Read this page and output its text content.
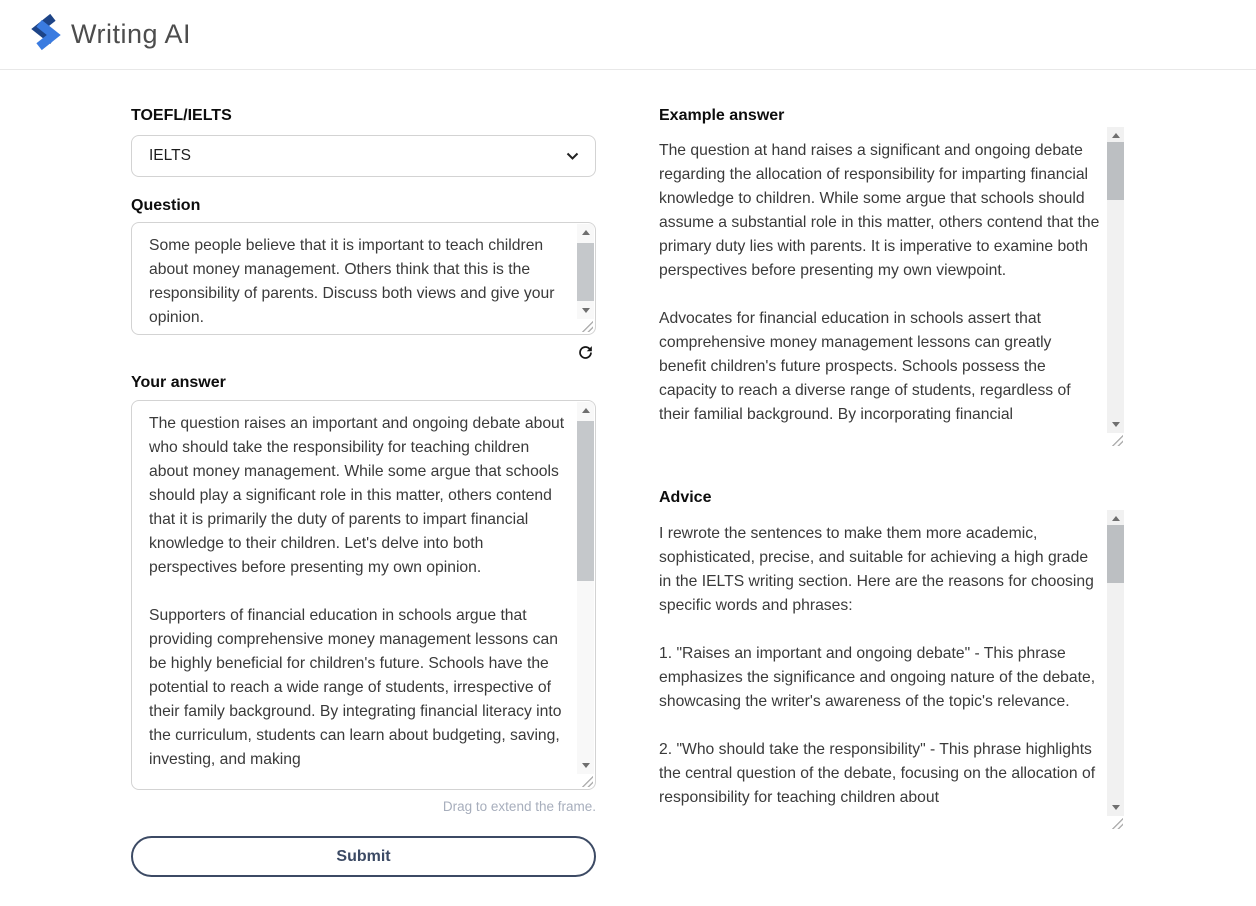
Writing AI
TOEFL/IELTS
IELTS
Question

Some people believe that it is important to teach children about money management. Others think that this is the responsibility of parents. Discuss both views and give your opinion.

Your answer

The question raises an important and ongoing debate about who should take the responsibility for teaching children about money management. While some argue that schools should play a significant role in this matter, others contend that it is primarily the duty of parents to impart financial knowledge to their children. Let's delve into both perspectives before presenting my own opinion.

Supporters of financial education in schools argue that providing comprehensive money management lessons can be highly beneficial for children's future. Schools have the potential to reach a wide range of students, irrespective of their family background. By integrating financial literacy into the curriculum, students can learn about budgeting, saving, investing, and making

Drag to extend the frame.
Submit
Example answer

The question at hand raises a significant and ongoing debate regarding the allocation of responsibility for imparting financial knowledge to children. While some argue that schools should assume a substantial role in this matter, others contend that the primary duty lies with parents. It is imperative to examine both perspectives before presenting my own viewpoint.

Advocates for financial education in schools assert that comprehensive money management lessons can greatly benefit children's future prospects. Schools possess the capacity to reach a diverse range of students, regardless of their familial background. By incorporating financial

Advice

I rewrote the sentences to make them more academic, sophisticated, precise, and suitable for achieving a high grade in the IELTS writing section. Here are the reasons for choosing specific words and phrases:

1. "Raises an important and ongoing debate" - This phrase emphasizes the significance and ongoing nature of the debate, showcasing the writer's awareness of the topic's relevance.

2. "Who should take the responsibility" - This phrase highlights the central question of the debate, focusing on the allocation of responsibility for teaching children about
